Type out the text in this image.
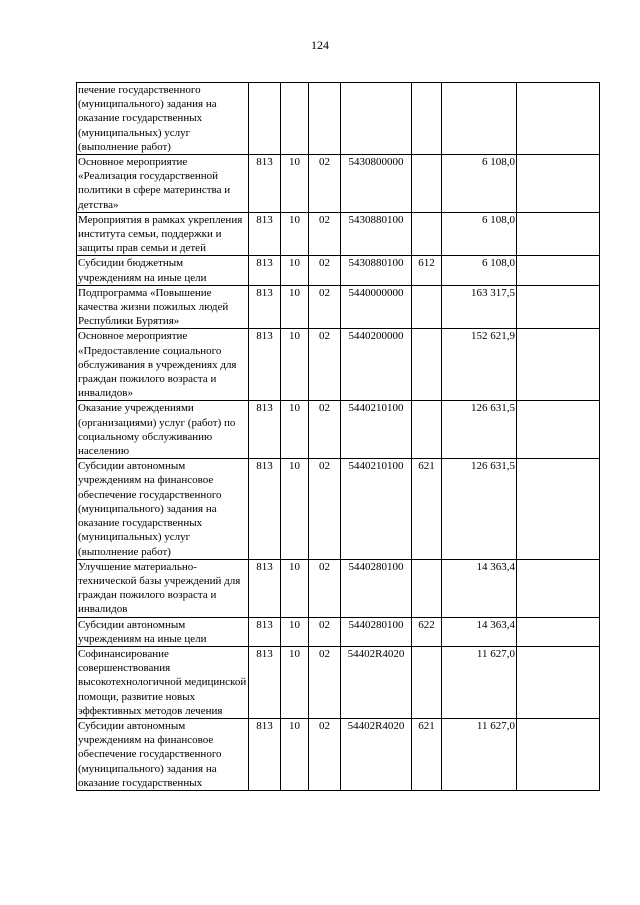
124
печение государственного (муниципального) задания на оказание государственных (муниципальных) услуг (выполнение работ)							
Основное мероприятие «Реализация государственной политики в сфере материнства и детства»	813	10	02	5430800000		6 108,0	
Мероприятия в рамках укрепления института семьи, поддержки и защиты прав семьи и детей	813	10	02	5430880100		6 108,0	
Субсидии бюджетным учреждениям на иные цели	813	10	02	5430880100	612	6 108,0	
Подпрограмма «Повышение качества жизни пожилых людей Республики Бурятия»	813	10	02	5440000000		163 317,5	
Основное мероприятие «Предоставление социального обслуживания в учреждениях для граждан пожилого возраста и инвалидов»	813	10	02	5440200000		152 621,9	
Оказание учреждениями (организациями) услуг (работ) по социальному обслуживанию населению	813	10	02	5440210100		126 631,5	
Субсидии автономным учреждениям на финансовое обеспечение государственного (муниципального) задания на оказание государственных (муниципальных) услуг (выполнение работ)	813	10	02	5440210100	621	126 631,5	
Улучшение материально-технической базы учреждений для граждан пожилого возраста и инвалидов	813	10	02	5440280100		14 363,4	
Субсидии автономным учреждениям на иные цели	813	10	02	5440280100	622	14 363,4	
Софинансирование совершенствования высокотехнологичной медицинской помощи, развитие новых эффективных методов лечения	813	10	02	54402R4020		11 627,0	
Субсидии автономным учреждениям на финансовое обеспечение государственного (муниципального) задания на оказание государственных	813	10	02	54402R4020	621	11 627,0	
